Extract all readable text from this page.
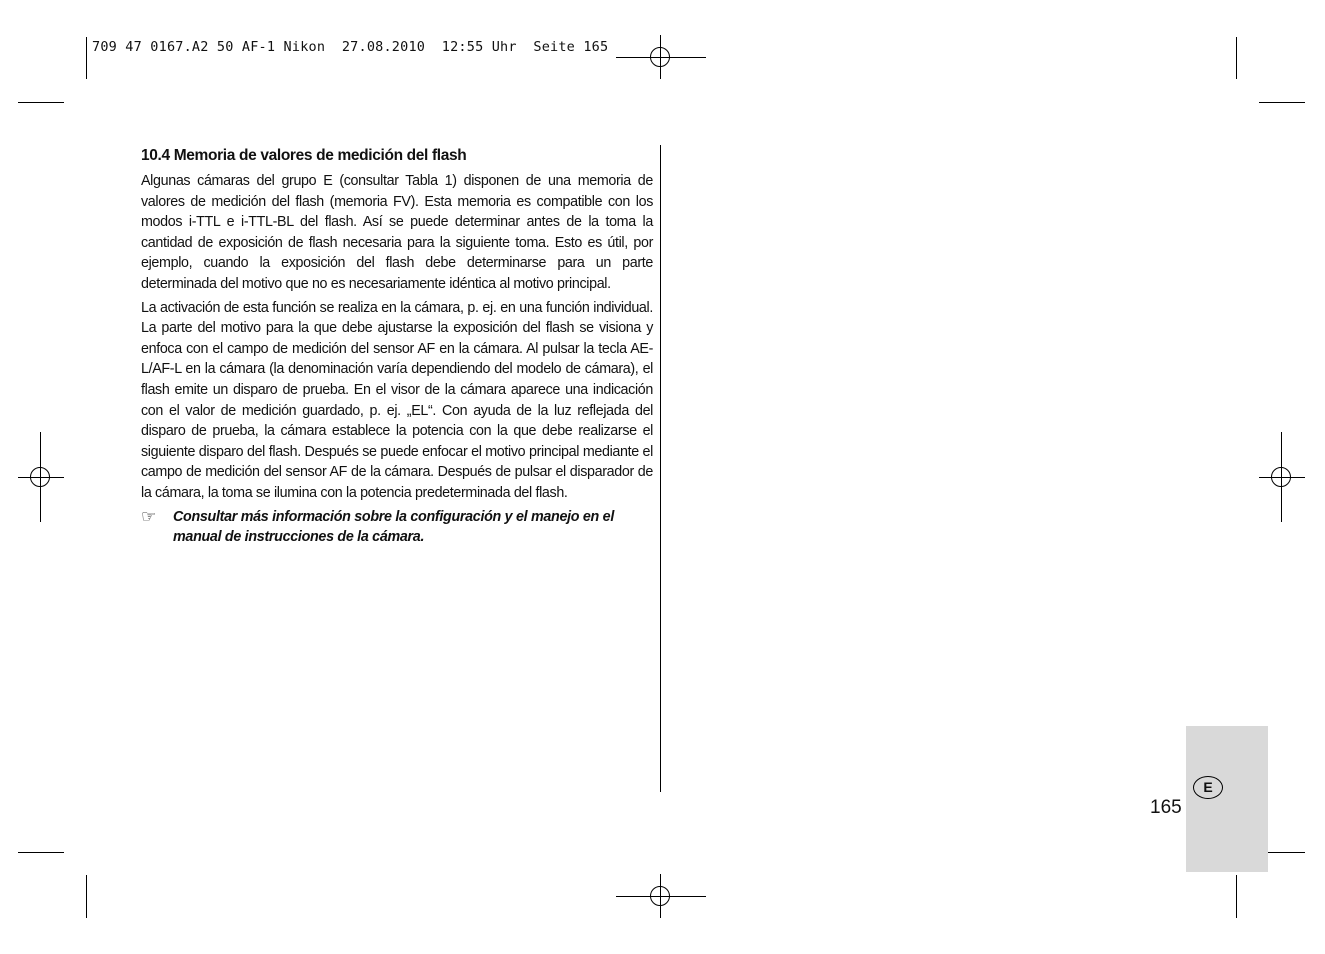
709 47 0167.A2 50 AF-1 Nikon  27.08.2010  12:55 Uhr  Seite 165
10.4 Memoria de valores de medición del flash

Algunas cámaras del grupo E (consultar Tabla 1) disponen de una memoria de valores de medición del flash (memoria FV). Esta memoria es compatible con los modos i-TTL e i-TTL-BL del flash. Así se puede determinar antes de la toma la cantidad de exposición de flash necesaria para la siguiente toma. Esto es útil, por ejemplo, cuando la exposición del flash debe determinarse para un parte determinada del motivo que no es necesariamente idéntica al motivo principal.

La activación de esta función se realiza en la cámara, p. ej. en una función individual. La parte del motivo para la que debe ajustarse la exposición del flash se visiona y enfoca con el campo de medición del sensor AF en la cámara. Al pulsar la tecla AE-L/AF-L en la cámara (la denominación varía dependiendo del modelo de cámara), el flash emite un disparo de prueba. En el visor de la cámara aparece una indicación con el valor de medición guardado, p. ej. „EL“. Con ayuda de la luz reflejada del disparo de prueba, la cámara establece la potencia con la que debe realizarse el siguiente disparo del flash. Después se puede enfocar el motivo principal mediante el campo de medición del sensor AF de la cámara. Después de pulsar el disparador de la cámara, la toma se ilumina con la potencia predeterminada del flash.

☞ Consultar más información sobre la configuración y el manejo en el manual de instrucciones de la cámara.
E
165
